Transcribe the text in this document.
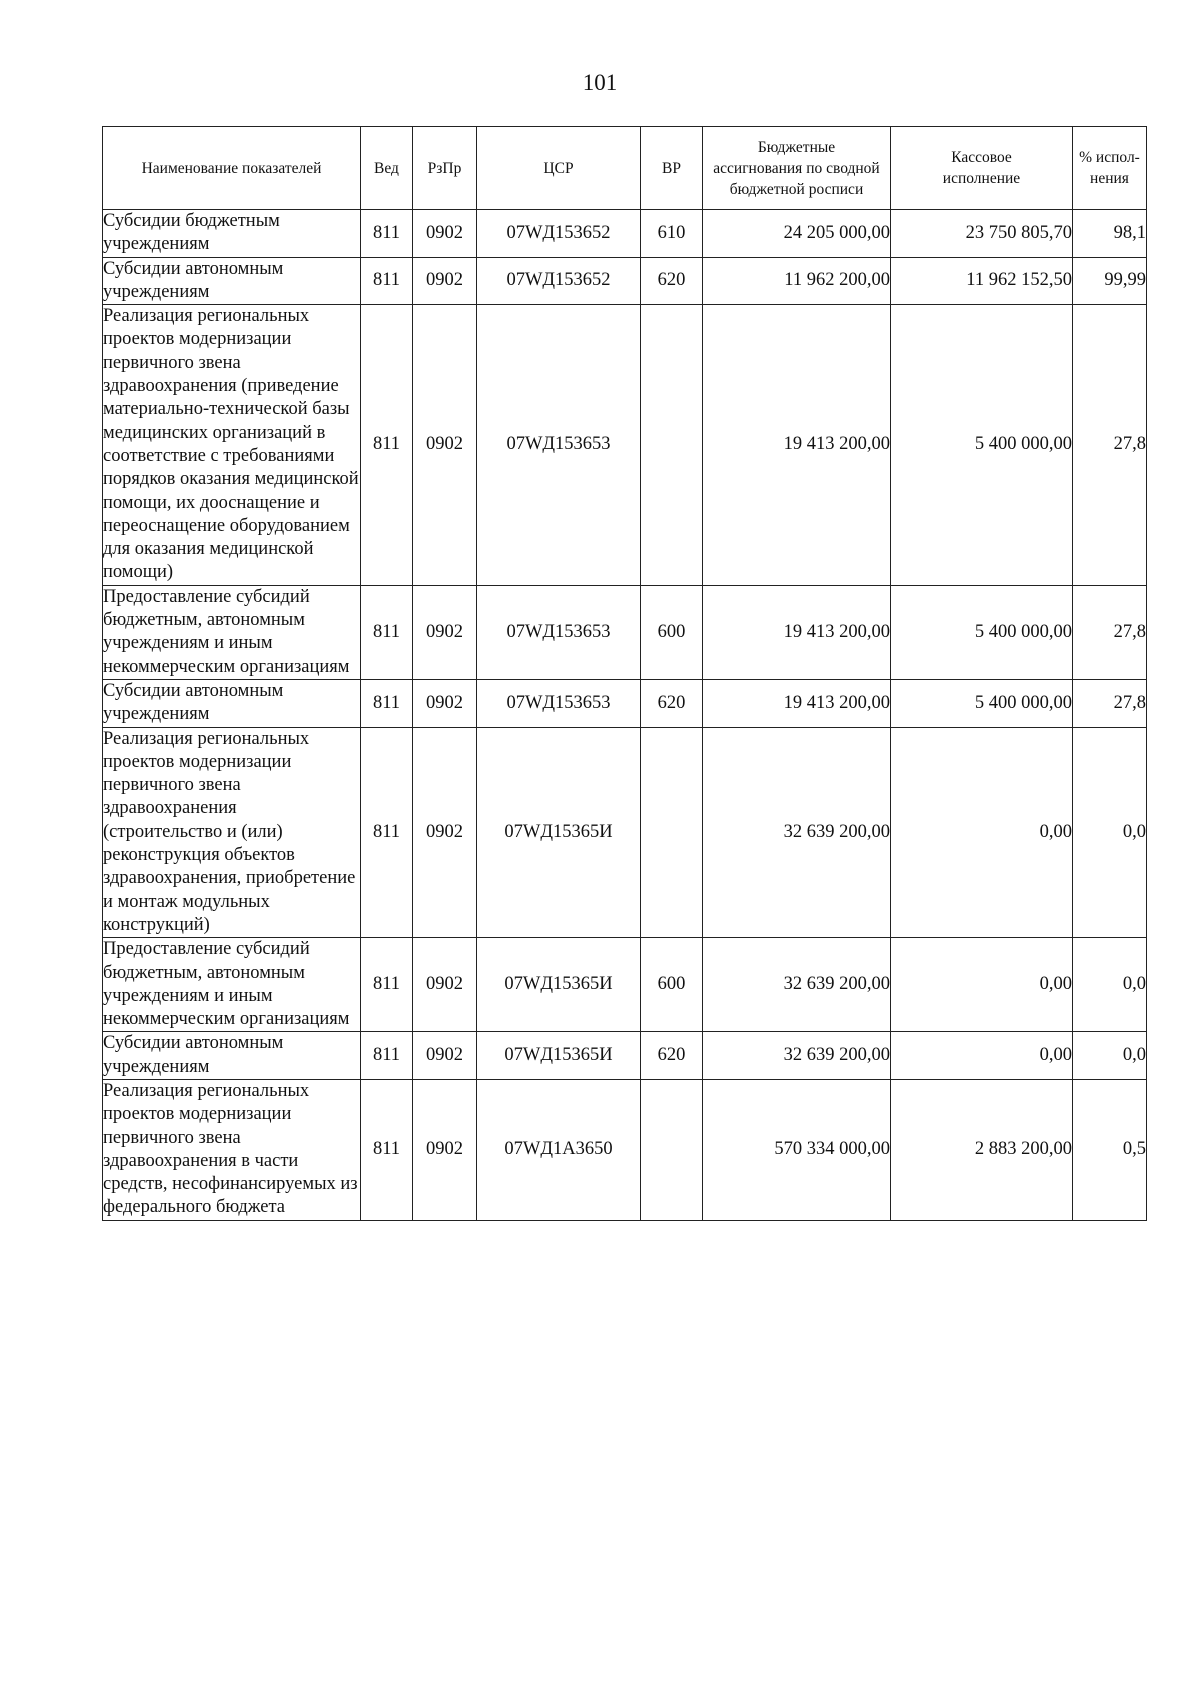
101
Наименование показателей	Вед	РзПр	ЦСР	ВР	Бюджетные ассигнования по сводной бюджетной росписи	Кассовое исполнение	% испол-нения
Субсидии бюджетным учреждениям	811	0902	07WД153652	610	24 205 000,00	23 750 805,70	98,1
Субсидии автономным учреждениям	811	0902	07WД153652	620	11 962 200,00	11 962 152,50	99,99
Реализация региональных проектов модернизации первичного звена здравоохранения (приведение материально-технической базы медицинских организаций в соответствие с требованиями порядков оказания медицинской помощи, их дооснащение и переоснащение оборудованием для оказания медицинской помощи)	811	0902	07WД153653		19 413 200,00	5 400 000,00	27,8
Предоставление субсидий бюджетным, автономным учреждениям и иным некоммерческим организациям	811	0902	07WД153653	600	19 413 200,00	5 400 000,00	27,8
Субсидии автономным учреждениям	811	0902	07WД153653	620	19 413 200,00	5 400 000,00	27,8
Реализация региональных проектов модернизации первичного звена здравоохранения (строительство и (или) реконструкция объектов здравоохранения, приобретение и монтаж модульных конструкций)	811	0902	07WД15365И		32 639 200,00	0,00	0,0
Предоставление субсидий бюджетным, автономным учреждениям и иным некоммерческим организациям	811	0902	07WД15365И	600	32 639 200,00	0,00	0,0
Субсидии автономным учреждениям	811	0902	07WД15365И	620	32 639 200,00	0,00	0,0
Реализация региональных проектов модернизации первичного звена здравоохранения в части средств, несофинансируемых из федерального бюджета	811	0902	07WД1А3650		570 334 000,00	2 883 200,00	0,5
